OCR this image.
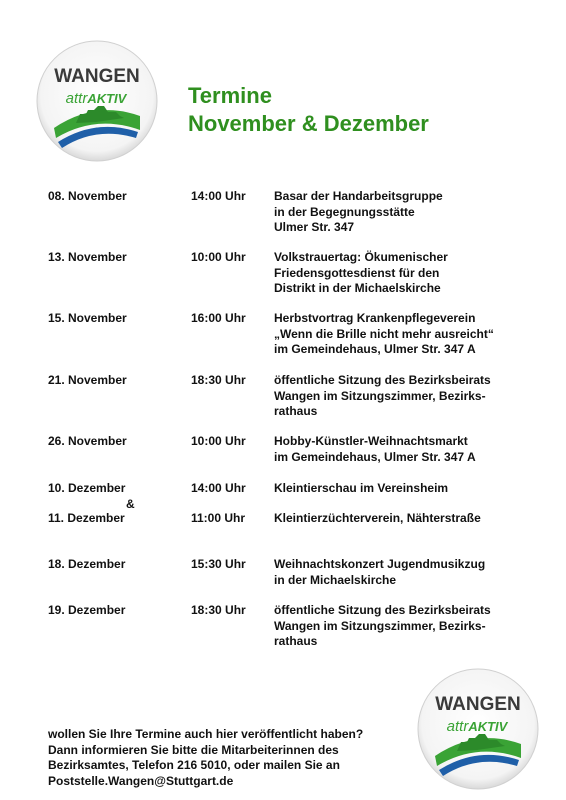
WANGEN
attrAKTIV	Termine
November & Dezember
08. November	14:00 Uhr Basar der Handarbeitsgruppe
in der Begegnungsstätte
Ulmer Str. 347
13. November	10:00 Uhr Volkstrauertag: Ökumenischer
Friedensgottesdienst für den
Distrikt in der Michaelskirche
15. November	16:00 Uhr Herbstvortrag Krankenpflegeverein
„Wenn die Brille nicht mehr ausreicht“
im Gemeindehaus, Ulmer Str. 347 A
21. November	18:30 Uhr öffentliche Sitzung des Bezirksbeirats
Wangen im Sitzungszimmer, Bezirks-
rathaus
26. November	10:00 Uhr Hobby-Künstler-Weihnachtsmarkt
im Gemeindehaus, Ulmer Str. 347 A
10. Dezember	14:00 Uhr Kleintierschau im Vereinsheim
&
11. Dezember	11:00 Uhr Kleintierzüchterverein, Nähterstraße
18. Dezember	15:30 Uhr Weihnachtskonzert Jugendmusikzug
in der Michaelskirche
19. Dezember	18:30 Uhr öffentliche Sitzung des Bezirksbeirats
Wangen im Sitzungszimmer, Bezirks-
rathaus
wollen Sie Ihre Termine auch hier veröffentlicht haben?
Dann informieren Sie bitte die Mitarbeiterinnen des
Bezirksamtes, Telefon 216 5010, oder mailen Sie an
Poststelle.Wangen@Stuttgart.de
WANGEN
attrAKTIV
